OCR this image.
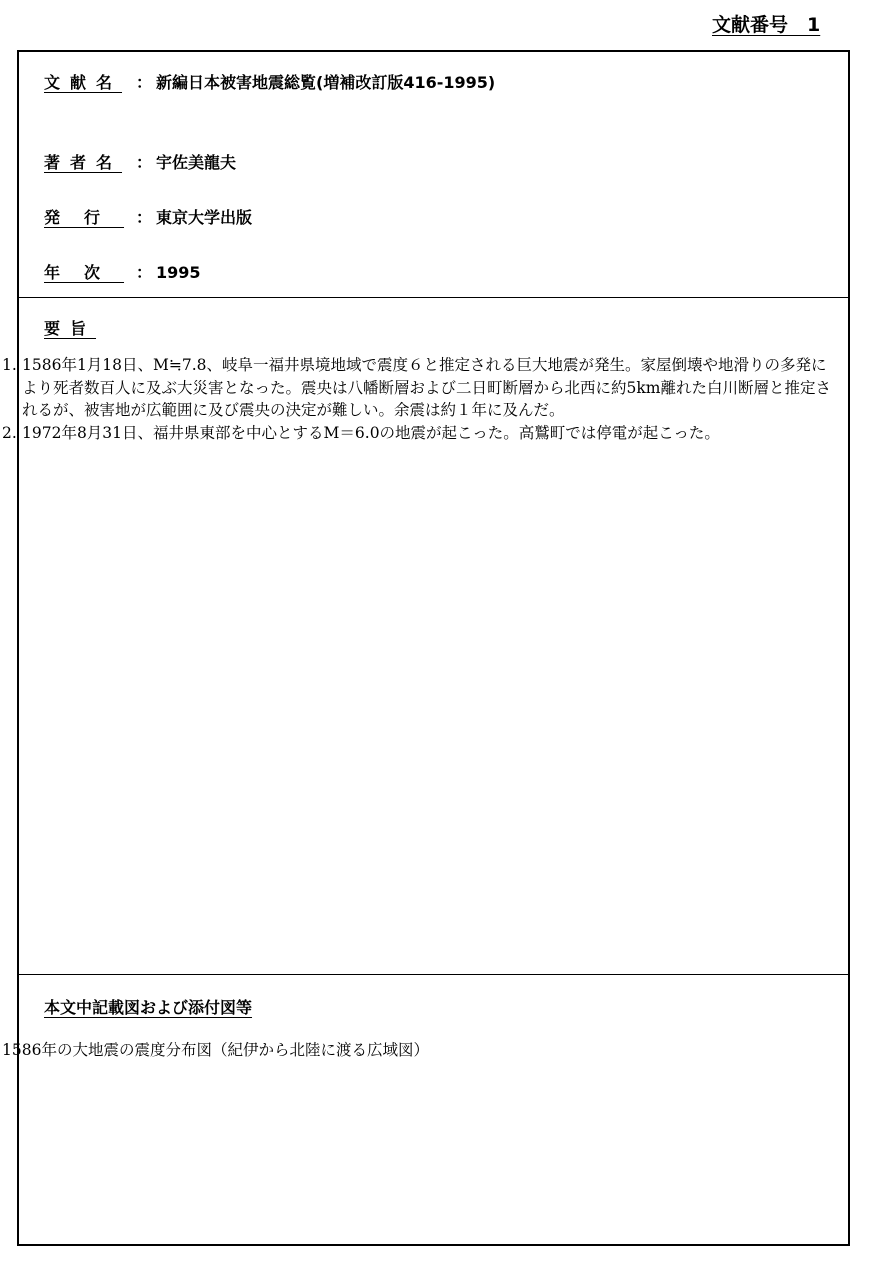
文献番号　1
文献名 ： 新編日本被害地震総覧(増補改訂版416-1995)
著者名 ： 宇佐美龍夫
発行 ： 東京大学出版
年次 ： 1995
要旨
1. 1586年1月18日、M≒7.8、岐阜一福井県境地域で震度６と推定される巨大地震が発生。家屋倒壊や地滑りの多発により死者数百人に及ぶ大災害となった。震央は八幡断層および二日町断層から北西に約5km離れた白川断層と推定されるが、被害地が広範囲に及び震央の決定が難しい。余震は約１年に及んだ。
2. 1972年8月31日、福井県東部を中心とするM＝6.0の地震が起こった。高鷲町では停電が起こった。
本文中記載図および添付図等
1586年の大地震の震度分布図（紀伊から北陸に渡る広域図）
